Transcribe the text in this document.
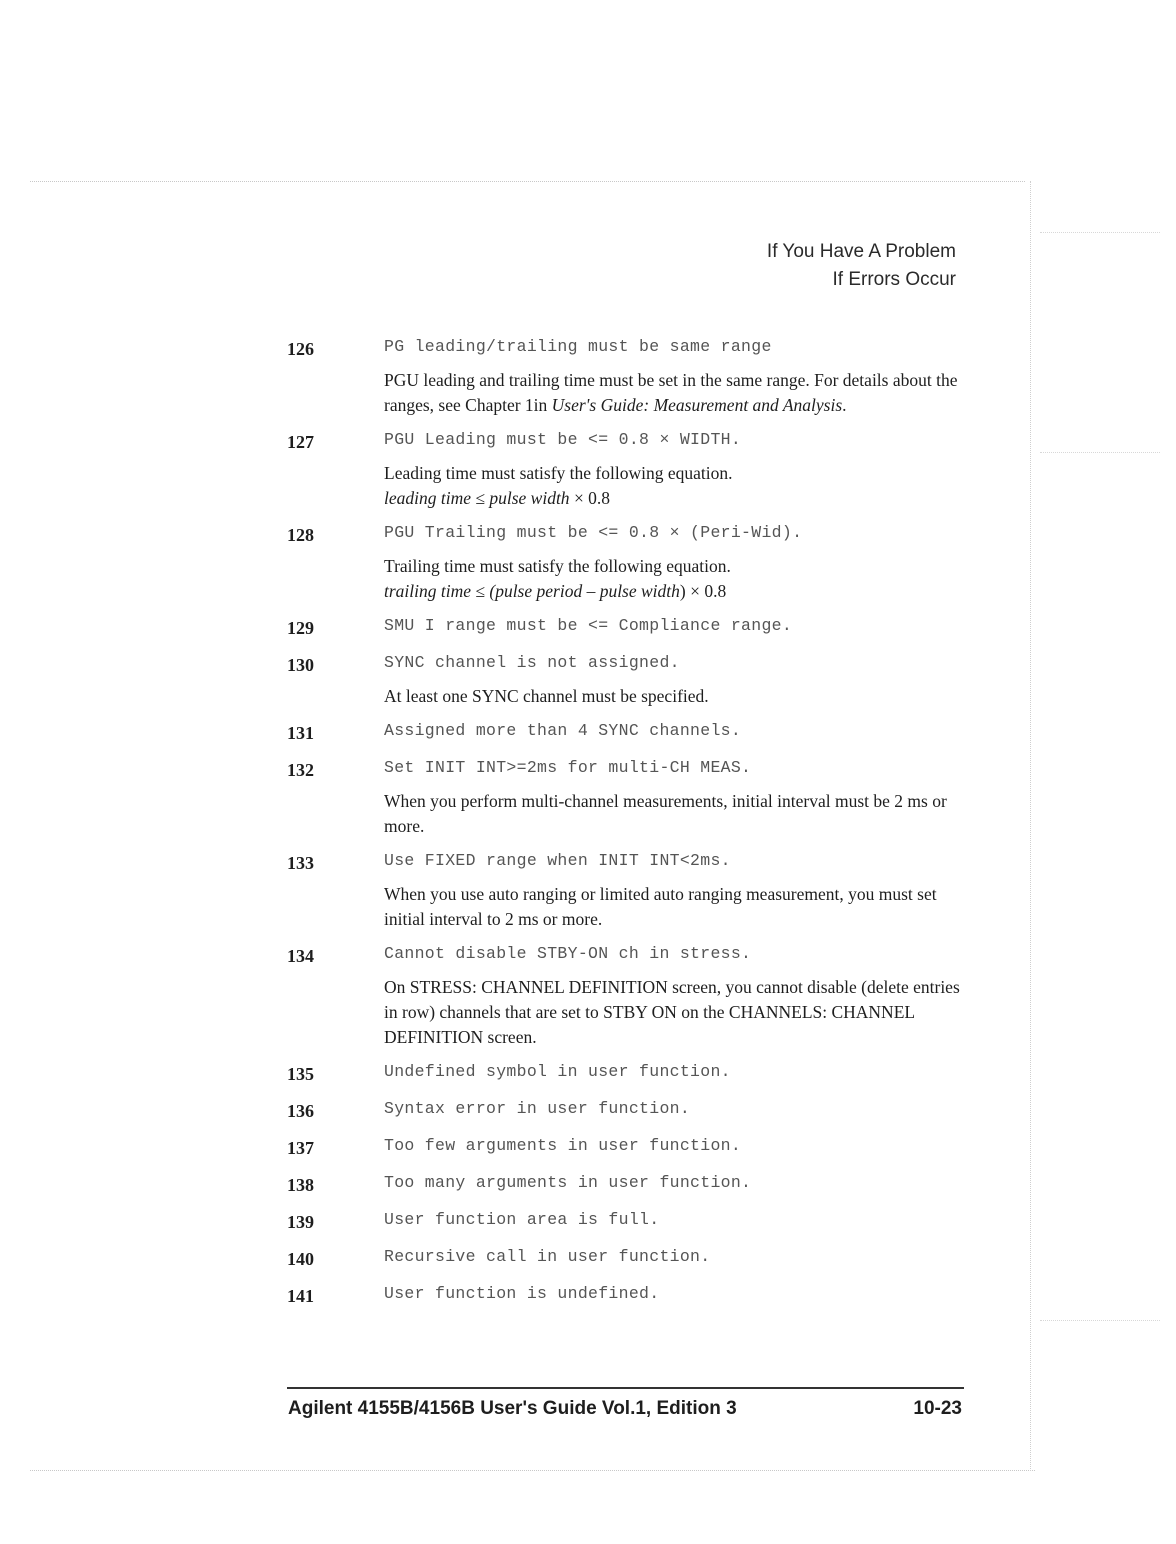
If You Have A Problem
If Errors Occur
126	PG leading/trailing must be same range
PGU leading and trailing time must be set in the same range. For details about the ranges, see Chapter 1in User's Guide: Measurement and Analysis.
127	PGU Leading must be <= 0.8 × WIDTH.
Leading time must satisfy the following equation.
leading time ≤ pulse width × 0.8
128	PGU Trailing must be <= 0.8 × (Peri-Wid).
Trailing time must satisfy the following equation.
trailing time ≤ (pulse period – pulse width) × 0.8
129	SMU I range must be <= Compliance range.
130	SYNC channel is not assigned.
At least one SYNC channel must be specified.
131	Assigned more than 4 SYNC channels.
132	Set INIT INT>=2ms for multi-CH MEAS.
When you perform multi-channel measurements, initial interval must be 2 ms or more.
133	Use FIXED range when INIT INT<2ms.
When you use auto ranging or limited auto ranging measurement, you must set initial interval to 2 ms or more.
134	Cannot disable STBY-ON ch in stress.
On STRESS: CHANNEL DEFINITION screen, you cannot disable (delete entries in row) channels that are set to STBY ON on the CHANNELS: CHANNEL DEFINITION screen.
135	Undefined symbol in user function.
136	Syntax error in user function.
137	Too few arguments in user function.
138	Too many arguments in user function.
139	User function area is full.
140	Recursive call in user function.
141	User function is undefined.
Agilent 4155B/4156B User's Guide Vol.1, Edition 3	10-23
